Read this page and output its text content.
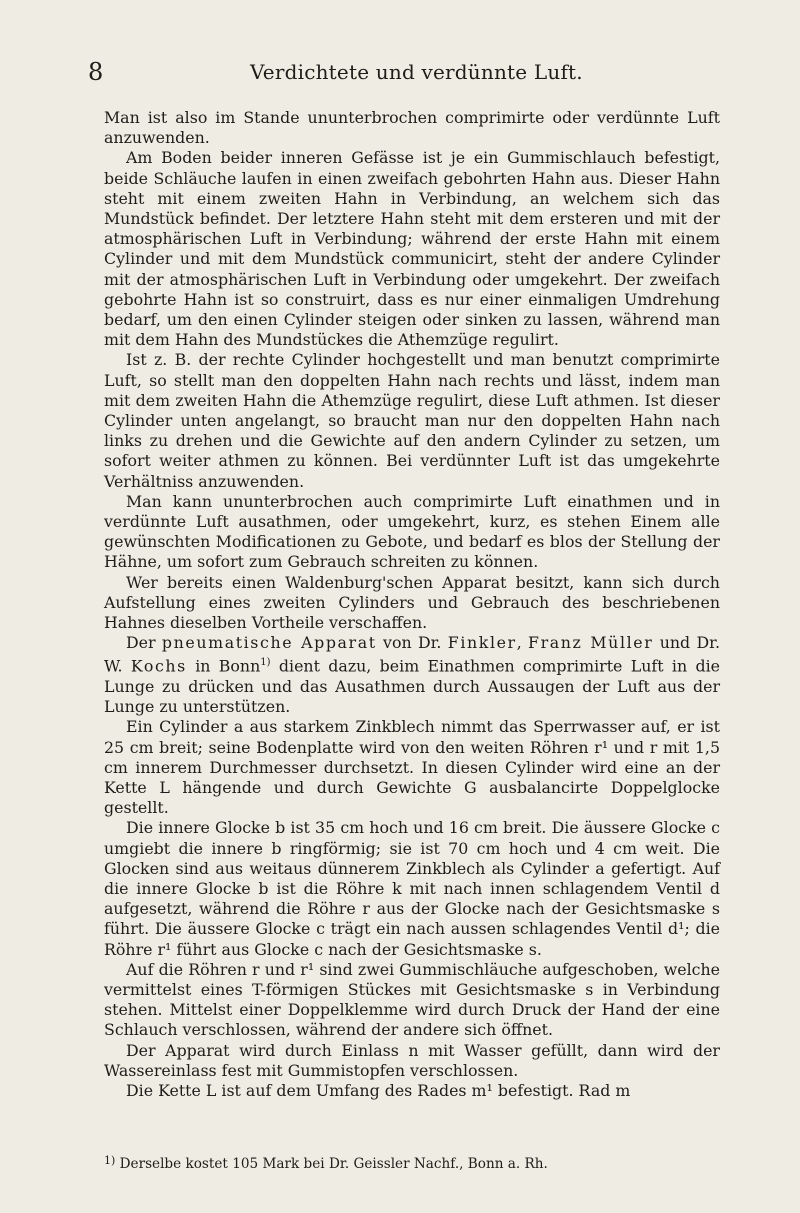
8	Verdichtete und verdünnte Luft.

Man ist also im Stande ununterbrochen comprimirte oder verdünnte Luft anzuwenden.

Am Boden beider inneren Gefässe ist je ein Gummischlauch befestigt, beide Schläuche laufen in einen zweifach gebohrten Hahn aus. Dieser Hahn steht mit einem zweiten Hahn in Verbindung, an welchem sich das Mundstück befindet. Der letztere Hahn steht mit dem ersteren und mit der atmosphärischen Luft in Verbindung; während der erste Hahn mit einem Cylinder und mit dem Mundstück communicirt, steht der andere Cylinder mit der atmosphärischen Luft in Verbindung oder umgekehrt. Der zweifach gebohrte Hahn ist so construirt, dass es nur einer einmaligen Umdrehung bedarf, um den einen Cylinder steigen oder sinken zu lassen, während man mit dem Hahn des Mundstückes die Athemzüge regulirt.

Ist z. B. der rechte Cylinder hochgestellt und man benutzt comprimirte Luft, so stellt man den doppelten Hahn nach rechts und lässt, indem man mit dem zweiten Hahn die Athemzüge regulirt, diese Luft athmen. Ist dieser Cylinder unten angelangt, so braucht man nur den doppelten Hahn nach links zu drehen und die Gewichte auf den andern Cylinder zu setzen, um sofort weiter athmen zu können. Bei verdünnter Luft ist das umgekehrte Verhältniss anzuwenden.

Man kann ununterbrochen auch comprimirte Luft einathmen und in verdünnte Luft ausathmen, oder umgekehrt, kurz, es stehen Einem alle gewünschten Modificationen zu Gebote, und bedarf es blos der Stellung der Hähne, um sofort zum Gebrauch schreiten zu können.

Wer bereits einen Waldenburg'schen Apparat besitzt, kann sich durch Aufstellung eines zweiten Cylinders und Gebrauch des beschriebenen Hahnes dieselben Vortheile verschaffen.

Der pneumatische Apparat von Dr. Finkler, Franz Müller und Dr. W. Kochs in Bonn$^{1)}$ dient dazu, beim Einathmen comprimirte Luft in die Lunge zu drücken und das Ausathmen durch Aussaugen der Luft aus der Lunge zu unterstützen.

Ein Cylinder a aus starkem Zinkblech nimmt das Sperrwasser auf, er ist 25 cm breit; seine Bodenplatte wird von den weiten Röhren r¹ und r mit 1,5 cm innerem Durchmesser durchsetzt. In diesen Cylinder wird eine an der Kette L hängende und durch Gewichte G ausbalancirte Doppelglocke gestellt.

Die innere Glocke b ist 35 cm hoch und 16 cm breit. Die äussere Glocke c umgiebt die innere b ringförmig; sie ist 70 cm hoch und 4 cm weit. Die Glocken sind aus weitaus dünnerem Zinkblech als Cylinder a gefertigt. Auf die innere Glocke b ist die Röhre k mit nach innen schlagendem Ventil d aufgesetzt, während die Röhre r aus der Glocke nach der Gesichtsmaske s führt. Die äussere Glocke c trägt ein nach aussen schlagendes Ventil d¹; die Röhre r¹ führt aus Glocke c nach der Gesichtsmaske s.

Auf die Röhren r und r¹ sind zwei Gummischläuche aufgeschoben, welche vermittelst eines T-förmigen Stückes mit Gesichtsmaske s in Verbindung stehen. Mittelst einer Doppelklemme wird durch Druck der Hand der eine Schlauch verschlossen, während der andere sich öffnet.

Der Apparat wird durch Einlass n mit Wasser gefüllt, dann wird der Wassereinlass fest mit Gummistopfen verschlossen.

Die Kette L ist auf dem Umfang des Rades m¹ befestigt. Rad m

$^{1)}$ Derselbe kostet 105 Mark bei Dr. Geissler Nachf., Bonn a. Rh.
